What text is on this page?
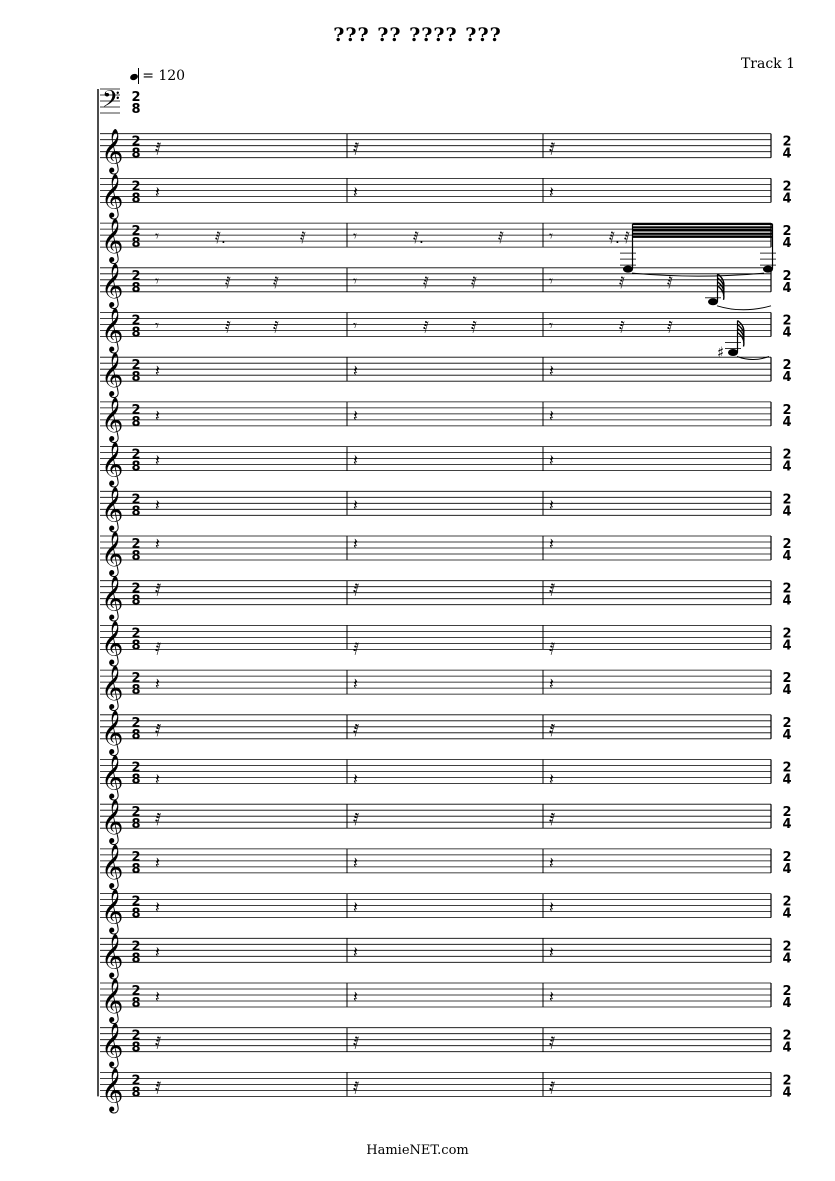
??? ?? ???? ???
Track 1
= 120
𝄢 2
8
𝄞 2
8
2
4
𝅀	𝅀	𝅀
𝄞 2
8
2
4
𝄽	𝄽	𝄽
𝄞 2
8
2
4
𝄾	𝅀.	𝅀	𝄾	𝅀.	𝅀	𝄾	𝅀. 𝅀
𝄞 2
8
2
4
𝄾	𝅀	𝅀	𝄾	𝅀	𝅀	𝄾	𝅀	𝅀
𝄞 2
8
2
4
𝄾	𝅀	𝅀	𝄾	𝅀	𝅀	𝄾	𝅀	𝅀
♯
𝄞 2
8
2
4
𝄽	𝄽	𝄽
𝄞 2
8
2
4
𝄽	𝄽	𝄽
𝄞 2
8
2
4
𝄽	𝄽	𝄽
𝄞 2
8
2
4
𝄽	𝄽	𝄽
𝄞 2
8
2
4
𝄽	𝄽	𝄽
𝄞 2
8
2
4
𝅀	𝅀	𝅀
𝄞 2
8
2
4
𝅀	𝅀	𝅀
𝄞 2
8
2
4
𝄽	𝄽	𝄽
𝄞 2
8
2
4
𝅀	𝅀	𝅀
𝄞 2
8
2
4
𝄽	𝄽	𝄽
𝄞 2
8
2
4
𝅀	𝅀	𝅀
𝄞 2
8
2
4
𝄽	𝄽	𝄽
𝄞 2
8
2
4
𝄽	𝄽	𝄽
𝄞 2
8
2
4
𝄽	𝄽	𝄽
𝄞 2
8
2
4
𝄽	𝄽	𝄽
𝄞 2
8
2
4
𝅀	𝅀	𝅀
𝄞 2
8
2
4
𝅀	𝅀	𝅀
HamieNET.com
